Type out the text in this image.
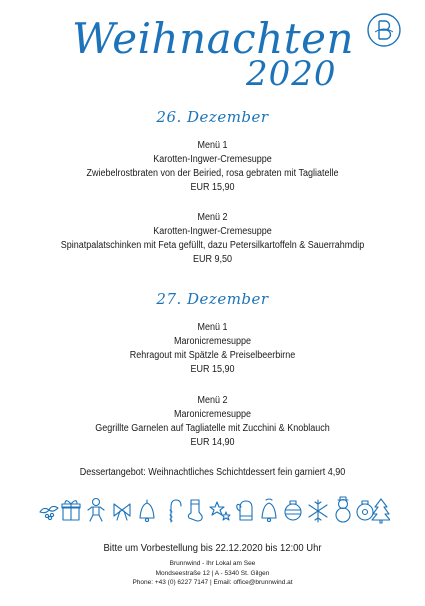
Weihnachten
2020
26. Dezember
Menü 1
Karotten-Ingwer-Cremesuppe
Zwiebelrostbraten von der Beiried, rosa gebraten mit Tagliatelle
EUR 15,90
Menü 2
Karotten-Ingwer-Cremesuppe
Spinatpalatschinken mit Feta gefüllt, dazu Petersilkartoffeln & Sauerrahmdip
EUR 9,50
27. Dezember
Menü 1
Maronicremesuppe
Rehragout mit Spätzle & Preiselbeerbirne
EUR 15,90
Menü 2
Maronicremesuppe
Gegrillte Garnelen auf Tagliatelle mit Zucchini & Knoblauch
EUR 14,90
Dessertangebot: Weihnachtliches Schichtdessert fein garniert 4,90
Bitte um Vorbestellung bis 22.12.2020 bis 12:00 Uhr
Brunnwind - Ihr Lokal am See
Mondseestraße 12 | A - 5340 St. Gilgen
Phone: +43 (0) 6227 7147 | Email: office@brunnwind.at
